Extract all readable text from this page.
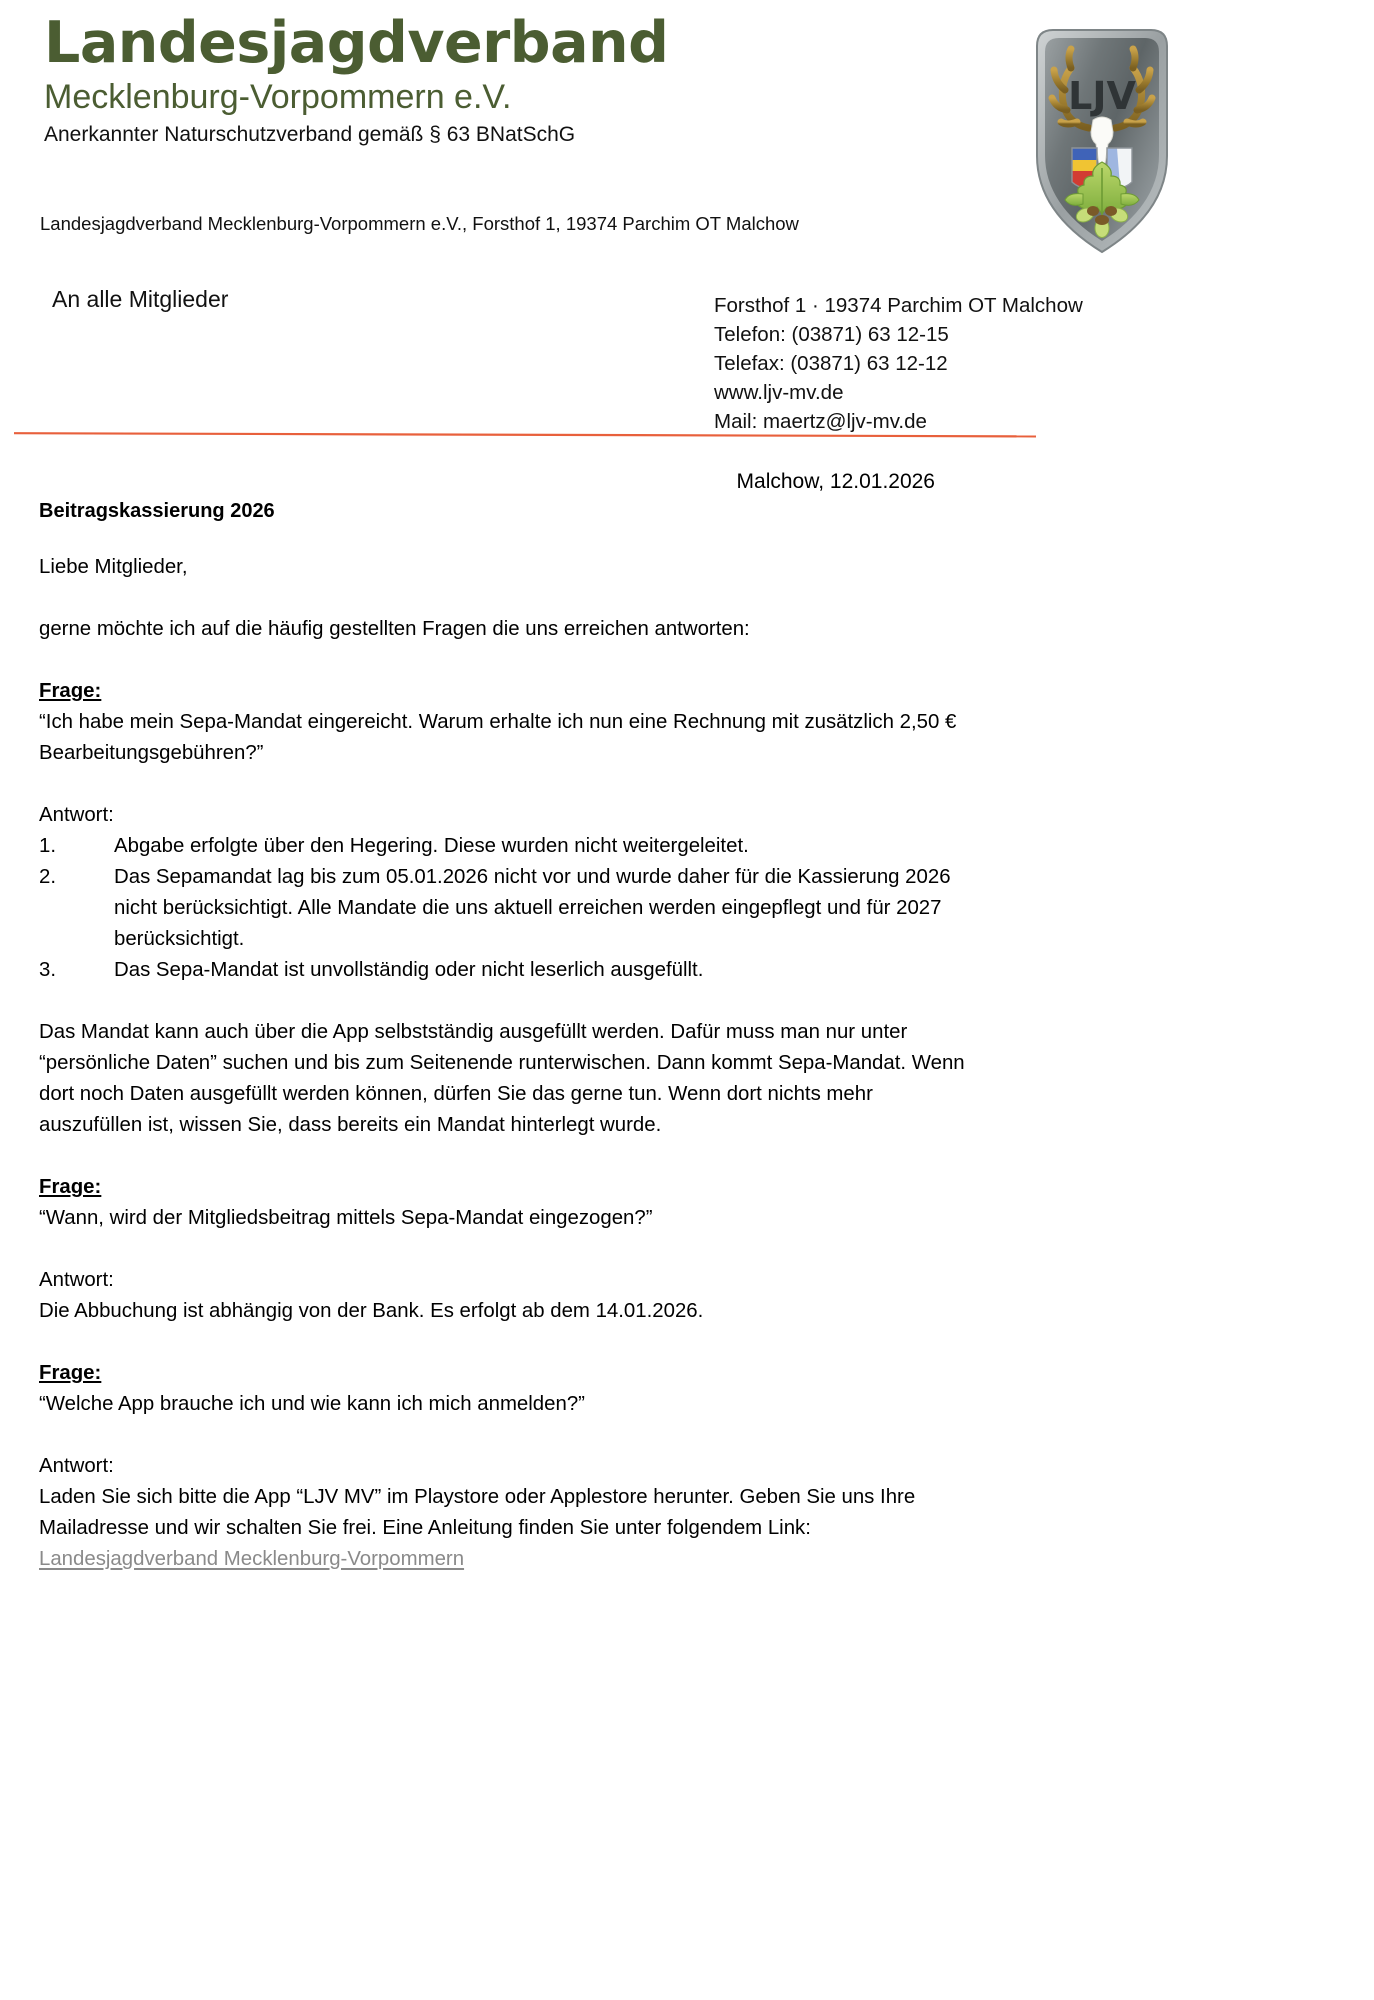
Landesjagdverband
Mecklenburg-Vorpommern e.V.
Anerkannter Naturschutzverband gemäß § 63 BNatSchG
LJV
Landesjagdverband Mecklenburg-Vorpommern e.V., Forsthof 1, 19374 Parchim OT Malchow
An alle Mitglieder	Forsthof 1 · 19374 Parchim OT Malchow
Telefon: (03871) 63 12-15
Telefax: (03871) 63 12-12
www.ljv-mv.de
Mail: maertz@ljv-mv.de
Malchow, 12.01.2026
Beitragskassierung 2026
Liebe Mitglieder,
gerne möchte ich auf die häufig gestellten Fragen die uns erreichen antworten:
Frage:
“Ich habe mein Sepa-Mandat eingereicht. Warum erhalte ich nun eine Rechnung mit zusätzlich 2,50 € Bearbeitungsgebühren?”
Antwort:
1.	Abgabe erfolgte über den Hegering. Diese wurden nicht weitergeleitet.
2.	Das Sepamandat lag bis zum 05.01.2026 nicht vor und wurde daher für die Kassierung 2026 nicht berücksichtigt. Alle Mandate die uns aktuell erreichen werden eingepflegt und für 2027 berücksichtigt.
3.	Das Sepa-Mandat ist unvollständig oder nicht leserlich ausgefüllt.
Das Mandat kann auch über die App selbstständig ausgefüllt werden. Dafür muss man nur unter “persönliche Daten” suchen und bis zum Seitenende runterwischen. Dann kommt Sepa-Mandat. Wenn dort noch Daten ausgefüllt werden können, dürfen Sie das gerne tun. Wenn dort nichts mehr auszufüllen ist, wissen Sie, dass bereits ein Mandat hinterlegt wurde.
Frage:
“Wann, wird der Mitgliedsbeitrag mittels Sepa-Mandat eingezogen?”
Antwort:
Die Abbuchung ist abhängig von der Bank. Es erfolgt ab dem 14.01.2026.
Frage:
“Welche App brauche ich und wie kann ich mich anmelden?”
Antwort:
Laden Sie sich bitte die App “LJV MV” im Playstore oder Applestore herunter. Geben Sie uns Ihre Mailadresse und wir schalten Sie frei. Eine Anleitung finden Sie unter folgendem Link:
Landesjagdverband Mecklenburg-Vorpommern
